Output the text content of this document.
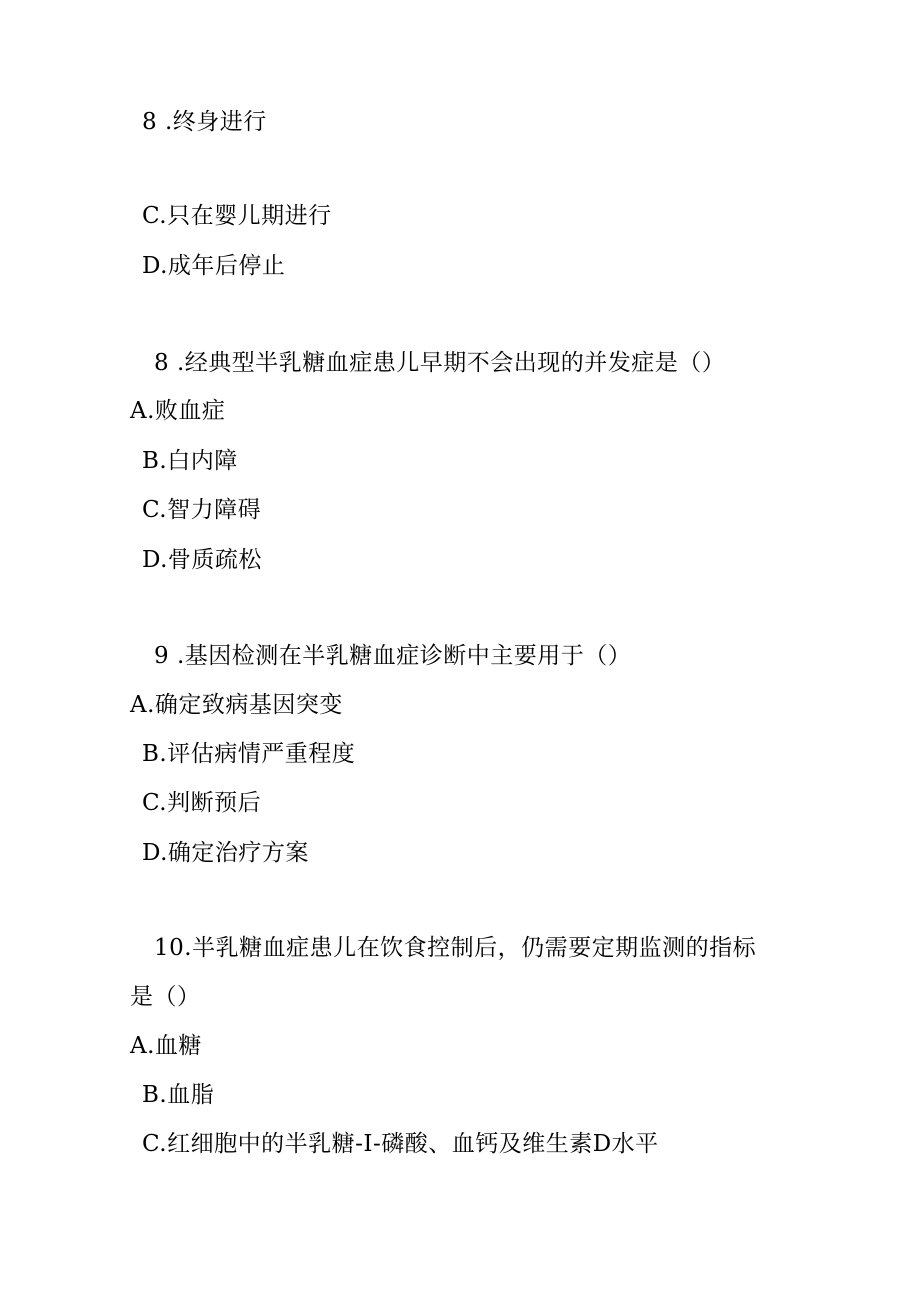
8 .终身进行
C.只在婴儿期进行
D.成年后停止
8 .经典型半乳糖血症患儿早期不会出现的并发症是（）
A.败血症
B.白内障
C.智力障碍
D.骨质疏松
9 .基因检测在半乳糖血症诊断中主要用于（）
A.确定致病基因突变
B.评估病情严重程度
C.判断预后
D.确定治疗方案
10.半乳糖血症患儿在饮食控制后，仍需要定期监测的指标
是（）
A.血糖
B.血脂
C.红细胞中的半乳糖-I-磷酸、血钙及维生素D水平
